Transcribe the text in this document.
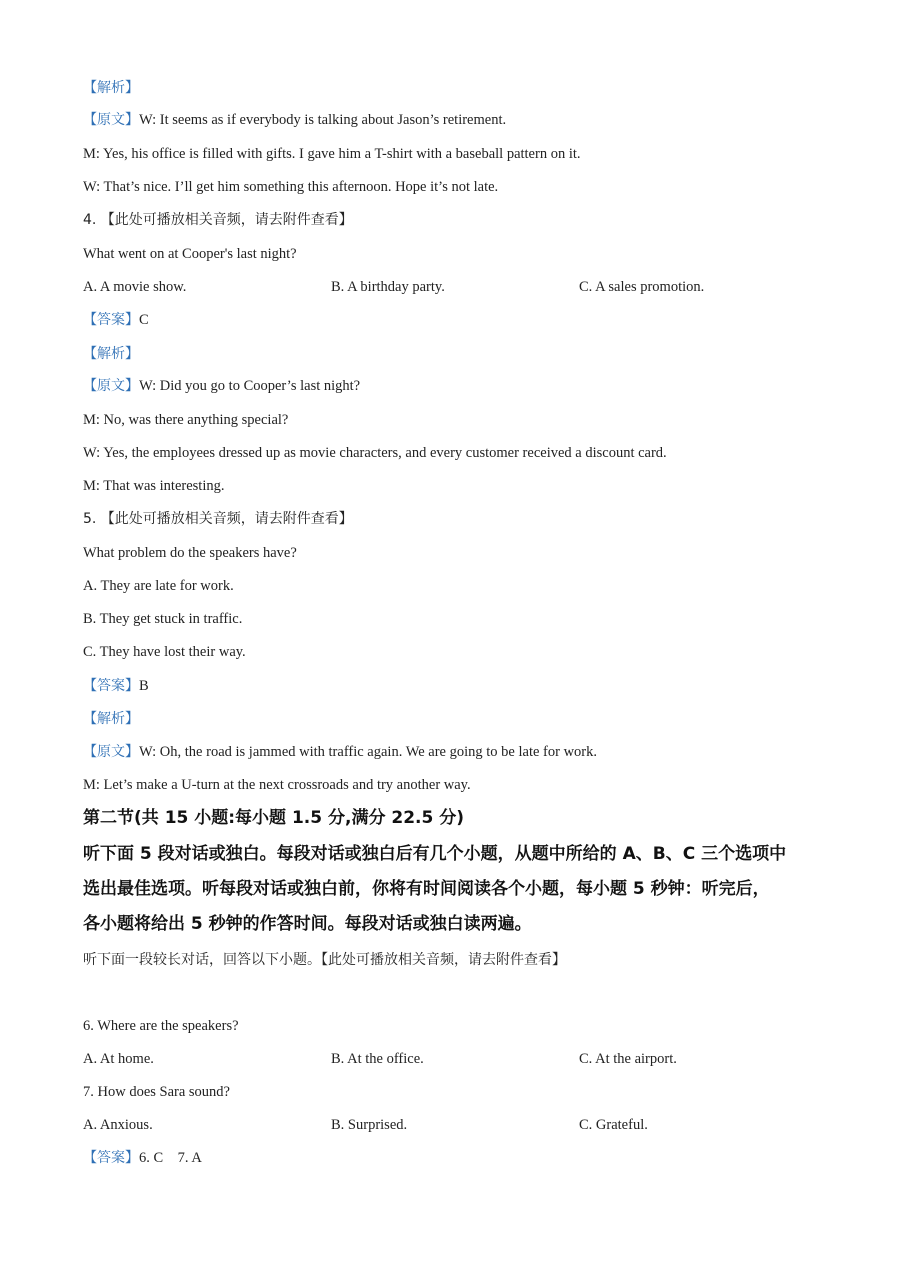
【解析】
【原文】W: It seems as if everybody is talking about Jason’s retirement.
M: Yes, his office is filled with gifts. I gave him a T-shirt with a baseball pattern on it.
W: That’s nice. I’ll get him something this afternoon. Hope it’s not late.
4. 【此处可播放相关音频，请去附件查看】
What went on at Cooper's last night?
A. A movie show.	B. A birthday party.	C. A sales promotion.
【答案】C
【解析】
【原文】W: Did you go to Cooper’s last night?
M: No, was there anything special?
W: Yes, the employees dressed up as movie characters, and every customer received a discount card.
M: That was interesting.
5. 【此处可播放相关音频，请去附件查看】
What problem do the speakers have?
A. They are late for work.
B. They get stuck in traffic.
C. They have lost their way.
【答案】B
【解析】
【原文】W: Oh, the road is jammed with traffic again. We are going to be late for work.
M: Let’s make a U-turn at the next crossroads and try another way.
第二节(共 15 小题:每小题 1.5 分,满分 22.5 分)
听下面 5 段对话或独白。每段对话或独白后有几个小题，从题中所给的 A、B、C 三个选项中
选出最佳选项。听每段对话或独白前，你将有时间阅读各个小题，每小题 5 秒钟：听完后，
各小题将给出 5 秒钟的作答时间。每段对话或独白读两遍。
听下面一段较长对话，回答以下小题。【此处可播放相关音频，请去附件查看】
6. Where are the speakers?
A. At home.	B. At the office.	C. At the airport.
7. How does Sara sound?
A. Anxious.	B. Surprised.	C. Grateful.
【答案】6. C    7. A
